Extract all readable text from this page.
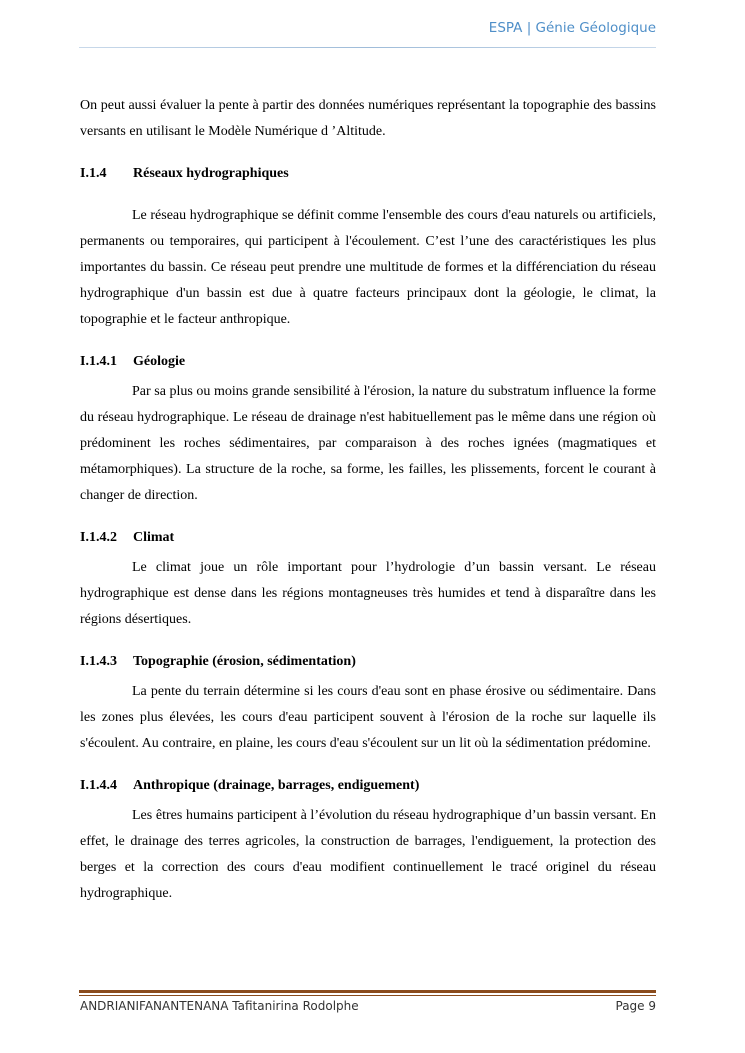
ESPA | Génie Géologique

On peut aussi évaluer la pente à partir des données numériques représentant la topographie des bassins versants en utilisant le Modèle Numérique d ’Altitude.

I.1.4 Réseaux hydrographiques

Le réseau hydrographique se définit comme l'ensemble des cours d'eau naturels ou artificiels, permanents ou temporaires, qui participent à l'écoulement. C’est l’une des caractéristiques les plus importantes du bassin. Ce réseau peut prendre une multitude de formes et la différenciation du réseau hydrographique d'un bassin est due à quatre facteurs principaux dont la géologie, le climat, la topographie et le facteur anthropique.

I.1.4.1 Géologie

Par sa plus ou moins grande sensibilité à l'érosion, la nature du substratum influence la forme du réseau hydrographique. Le réseau de drainage n'est habituellement pas le même dans une région où prédominent les roches sédimentaires, par comparaison à des roches ignées (magmatiques et métamorphiques). La structure de la roche, sa forme, les failles, les plissements, forcent le courant à changer de direction.

I.1.4.2 Climat

Le climat joue un rôle important pour l’hydrologie d’un bassin versant. Le réseau hydrographique est dense dans les régions montagneuses très humides et tend à disparaître dans les régions désertiques.

I.1.4.3 Topographie (érosion, sédimentation)

La pente du terrain détermine si les cours d'eau sont en phase érosive ou sédimentaire. Dans les zones plus élevées, les cours d'eau participent souvent à l'érosion de la roche sur laquelle ils s'écoulent. Au contraire, en plaine, les cours d'eau s'écoulent sur un lit où la sédimentation prédomine.

I.1.4.4 Anthropique (drainage, barrages, endiguement)

Les êtres humains participent à l’évolution du réseau hydrographique d’un bassin versant. En effet, le drainage des terres agricoles, la construction de barrages, l'endiguement, la protection des berges et la correction des cours d'eau modifient continuellement le tracé originel du réseau hydrographique.

ANDRIANIFANANTENANA Tafitanirina Rodolphe	Page 9
